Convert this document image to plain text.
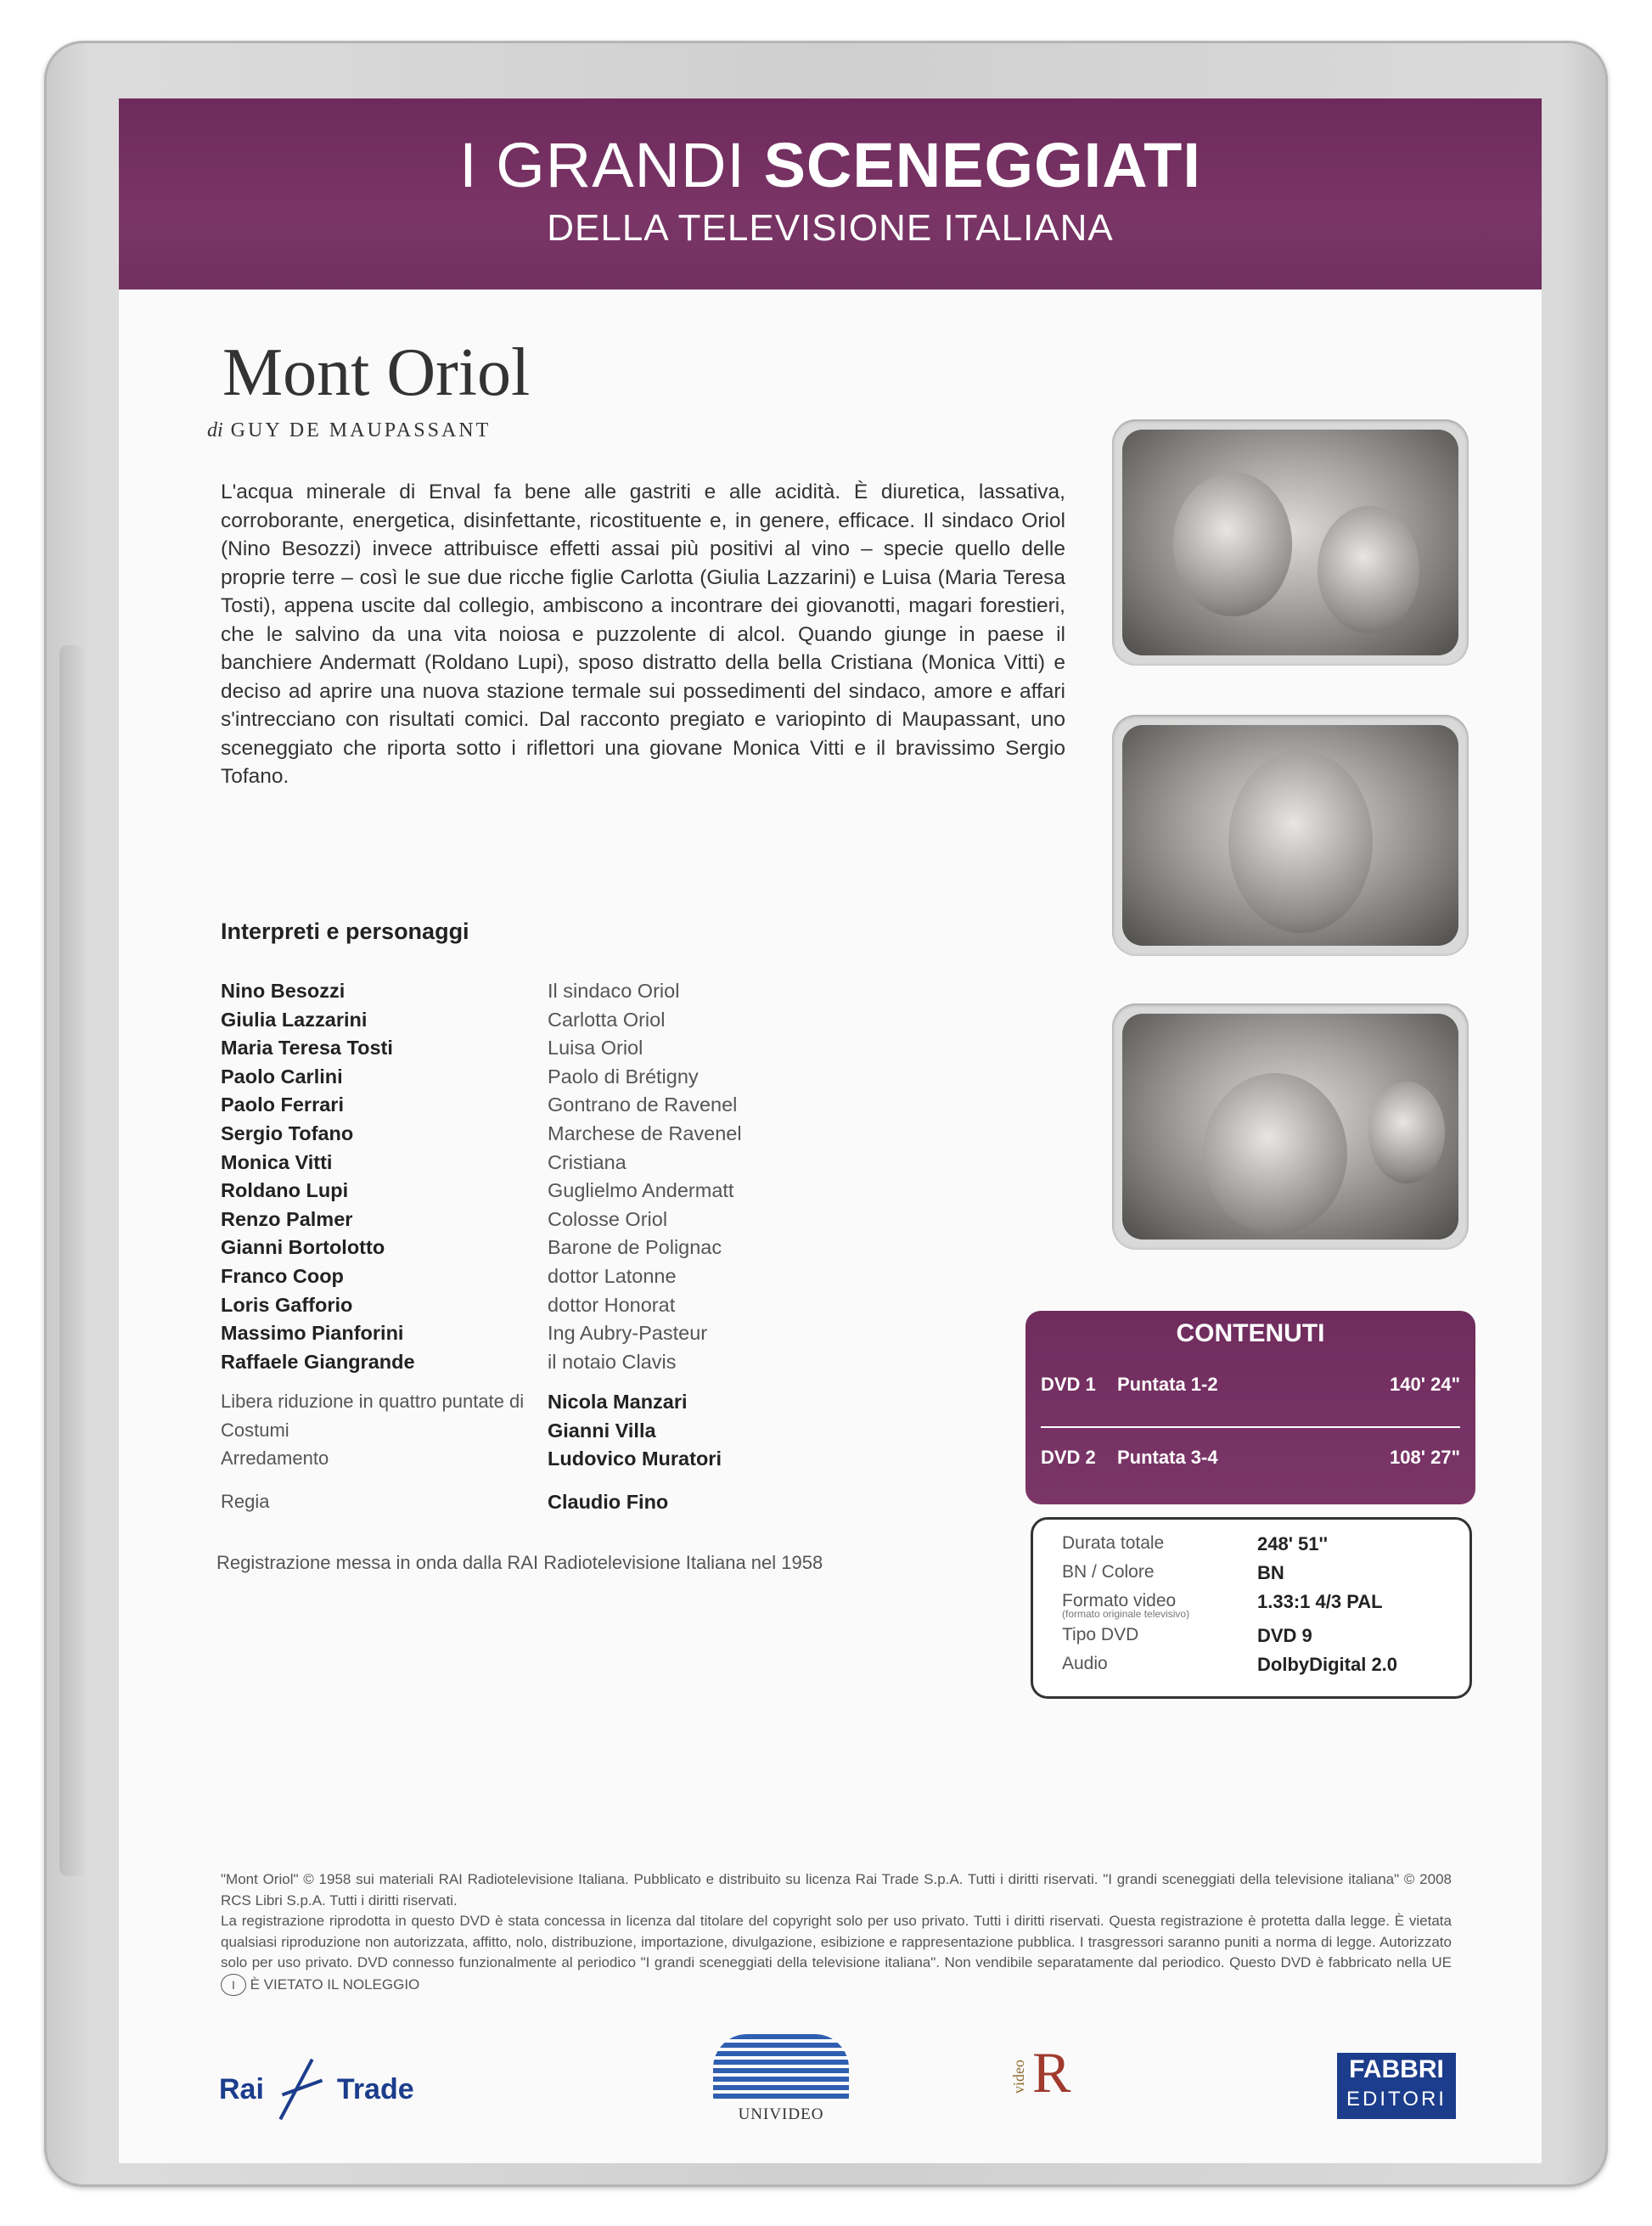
I GRANDI SCENEGGIATI
DELLA TELEVISIONE ITALIANA
Mont Oriol
di GUY DE MAUPASSANT
L'acqua minerale di Enval fa bene alle gastriti e alle acidità. È diuretica, lassativa, corroborante, energetica, disinfettante, ricostituente e, in genere, efficace. Il sindaco Oriol (Nino Besozzi) invece attribuisce effetti assai più positivi al vino – specie quello delle proprie terre – così le sue due ricche figlie Carlotta (Giulia Lazzarini) e Luisa (Maria Teresa Tosti), appena uscite dal collegio, ambiscono a incontrare dei giovanotti, magari forestieri, che le salvino da una vita noiosa e puzzolente di alcol. Quando giunge in paese il banchiere Andermatt (Roldano Lupi), sposo distratto della bella Cristiana (Monica Vitti) e deciso ad aprire una nuova stazione termale sui possedimenti del sindaco, amore e affari s'intrecciano con risultati comici. Dal racconto pregiato e variopinto di Maupassant, uno sceneggiato che riporta sotto i riflettori una giovane Monica Vitti e il bravissimo Sergio Tofano.
Interpreti e personaggi
Nino Besozzi	Il sindaco Oriol
Giulia Lazzarini	Carlotta Oriol
Maria Teresa Tosti	Luisa Oriol
Paolo Carlini	Paolo di Brétigny
Paolo Ferrari	Gontrano de Ravenel
Sergio Tofano	Marchese de Ravenel
Monica Vitti	Cristiana
Roldano Lupi	Guglielmo Andermatt
Renzo Palmer	Colosse Oriol
Gianni Bortolotto	Barone de Polignac
Franco Coop	dottor Latonne
Loris Gafforio	dottor Honorat
Massimo Pianforini	Ing Aubry-Pasteur
Raffaele Giangrande	il notaio Clavis
Libera riduzione in quattro puntate di	Nicola Manzari
Costumi	Gianni Villa
Arredamento	Ludovico Muratori
Regia	Claudio Fino
Registrazione messa in onda dalla RAI Radiotelevisione Italiana nel 1958
CONTENUTI
DVD 1	Puntata 1-2	140' 24"
DVD 2	Puntata 3-4	108' 27"
Durata totale	248' 51''
BN / Colore	BN
Formato video	1.33:1 4/3 PAL
(formato originale televisivo)
Tipo DVD	DVD 9
Audio	DolbyDigital 2.0
"Mont Oriol" © 1958 sui materiali RAI Radiotelevisione Italiana. Pubblicato e distribuito su licenza Rai Trade S.p.A. Tutti i diritti riservati. "I grandi sceneggiati della televisione italiana" © 2008 RCS Libri S.p.A. Tutti i diritti riservati.
La registrazione riprodotta in questo DVD è stata concessa in licenza dal titolare del copyright solo per uso privato. Tutti i diritti riservati. Questa registrazione è protetta dalla legge. È vietata qualsiasi riproduzione non autorizzata, affitto, nolo, distribuzione, importazione, divulgazione, esibizione e rappresentazione pubblica. I trasgressori saranno puniti a norma di legge. Autorizzato solo per uso privato. DVD connesso funzionalmente al periodico "I grandi sceneggiati della televisione italiana". Non vendibile separatamente dal periodico. Questo DVD è fabbricato nella UE I È VIETATO IL NOLEGGIO
Rai	Trade
UNIVIDEO
video R	FABBRI
EDITORI
